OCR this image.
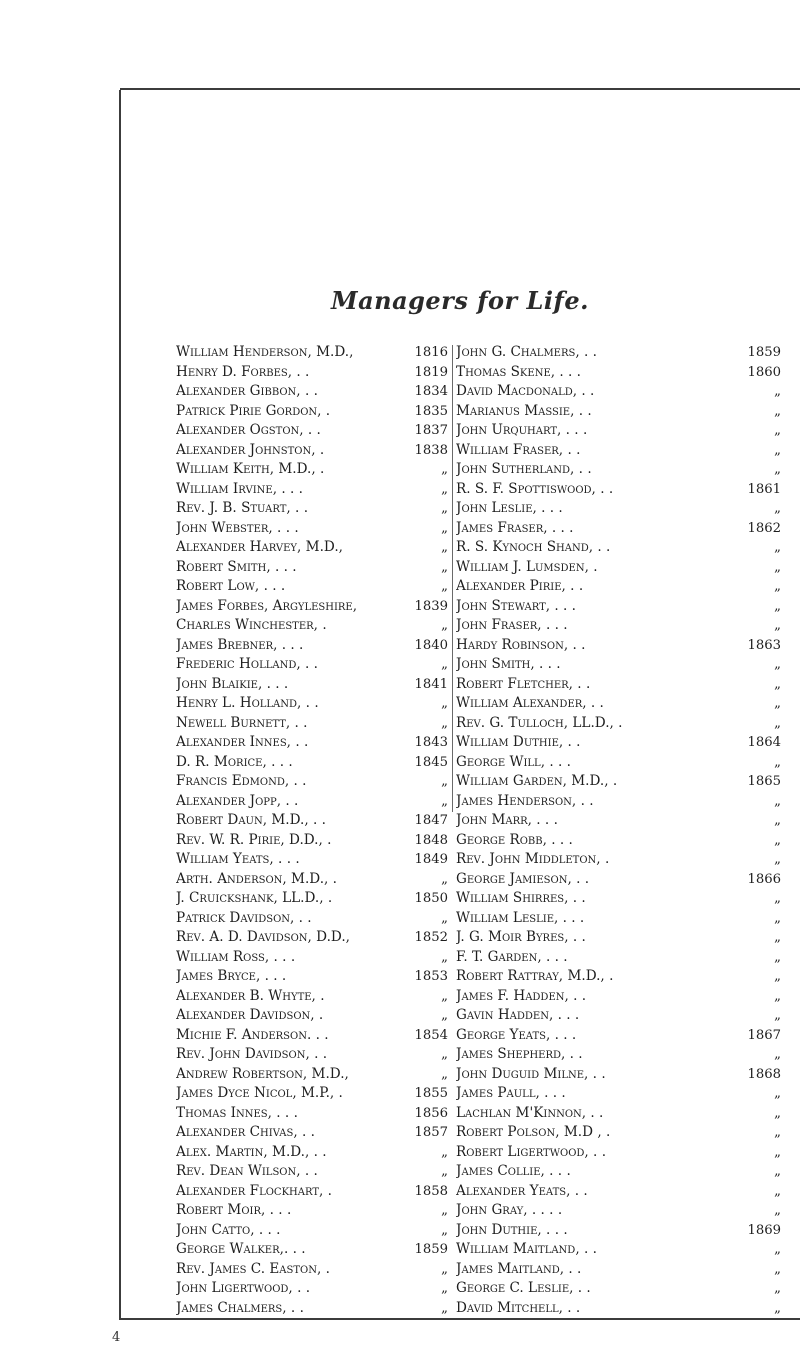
Managers for Life.
William Henderson, M.D.,	1816
Henry D. Forbes, . .	1819
Alexander Gibbon, . .	1834
Patrick Pirie Gordon, .	1835
Alexander Ogston, . .	1837
Alexander Johnston, .	1838
William Keith, M.D., .	„
William Irvine, . . .	„
Rev. J. B. Stuart, . .	„
John Webster, . . .	„
Alexander Harvey, M.D.,	„
Robert Smith, . . .	„
Robert Low, . . .	„
James Forbes, Argyleshire,	1839
Charles Winchester, .	„
James Brebner, . . .	1840
Frederic Holland, . .	„
John Blaikie, . . .	1841
Henry L. Holland, . .	„
Newell Burnett, . .	„
Alexander Innes, . .	1843
D. R. Morice, . . .	1845
Francis Edmond, . .	„
Alexander Jopp, . .	„
Robert Daun, M.D., . .	1847
Rev. W. R. Pirie, D.D., .	1848
William Yeats, . . .	1849
Arth. Anderson, M.D., .	„
J. Cruickshank, LL.D., .	1850
Patrick Davidson, . .	„
Rev. A. D. Davidson, D.D.,	1852
William Ross, . . .	„
James Bryce, . . .	1853
Alexander B. Whyte, .	„
Alexander Davidson, .	„
Michie F. Anderson. . .	1854
Rev. John Davidson, . .	„
Andrew Robertson, M.D.,	„
James Dyce Nicol, M.P., .	1855
Thomas Innes, . . .	1856
Alexander Chivas, . .	1857
Alex. Martin, M.D., . .	„
Rev. Dean Wilson, . .	„
Alexander Flockhart, .	1858
Robert Moir, . . .	„
John Catto, . . .	„
George Walker,. . .	1859
Rev. James C. Easton, .	„
John Ligertwood, . .	„
James Chalmers, . .	„
John G. Chalmers, . .	1859
Thomas Skene, . . .	1860
David Macdonald, . .	„
Marianus Massie, . .	„
John Urquhart, . . .	„
William Fraser, . .	„
John Sutherland, . .	„
R. S. F. Spottiswood, . .	1861
John Leslie, . . .	„
James Fraser, . . .	1862
R. S. Kynoch Shand, . .	„
William J. Lumsden, .	„
Alexander Pirie, . .	„
John Stewart, . . .	„
John Fraser, . . .	„
Hardy Robinson, . .	1863
John Smith, . . .	„
Robert Fletcher, . .	„
William Alexander, . .	„
Rev. G. Tulloch, LL.D., .	„
William Duthie, . .	1864
George Will, . . .	„
William Garden, M.D., .	1865
James Henderson, . .	„
John Marr, . . .	„
George Robb, . . .	„
Rev. John Middleton, .	„
George Jamieson, . .	1866
William Shirres, . .	„
William Leslie, . . .	„
J. G. Moir Byres, . .	„
F. T. Garden, . . .	„
Robert Rattray, M.D., .	„
James F. Hadden, . .	„
Gavin Hadden, . . .	„
George Yeats, . . .	1867
James Shepherd, . .	„
John Duguid Milne, . .	1868
James Paull, . . .	„
Lachlan M'Kinnon, . .	„
Robert Polson, M.D , .	„
Robert Ligertwood, . .	„
James Collie, . . .	„
Alexander Yeats, . .	„
John Gray, . . . .	„
John Duthie, . . .	1869
William Maitland, . .	„
James Maitland, . .	„
George C. Leslie, . .	„
David Mitchell, . .	„
4
